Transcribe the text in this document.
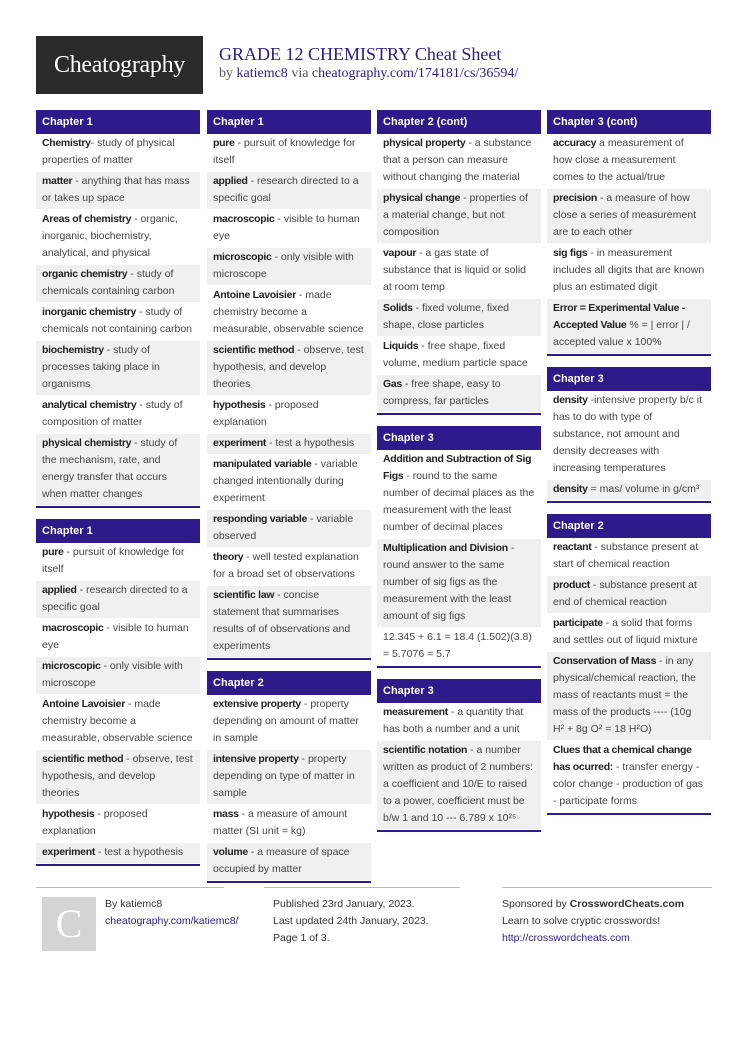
Cheatography	GRADE 12 CHEMISTRY Cheat Sheet
by katiemc8 via cheatography.com/174181/cs/36594/
Chapter 1
Chemistry- study of physical properties of matter
matter - anything that has mass or takes up space
Areas of chemistry - organic, inorganic, biochemistry, analytical, and physical
organic chemistry - study of chemicals containing carbon
inorganic chemistry - study of chemicals not containing carbon
biochemistry - study of processes taking place in organisms
analytical chemistry - study of composition of matter
physical chemistry - study of the mechanism, rate, and energy transfer that occurs when matter changes
Chapter 1
pure - pursuit of knowledge for itself
applied - research directed to a specific goal
macroscopic - visible to human eye
microscopic - only visible with microscope
Antoine Lavoisier - made chemistry become a measurable, observable science
scientific method - observe, test hypothesis, and develop theories
hypothesis - proposed explanation
experiment - test a hypothesis
Chapter 1
pure - pursuit of knowledge for itself
applied - research directed to a specific goal
macroscopic - visible to human eye
microscopic - only visible with microscope
Antoine Lavoisier - made chemistry become a measurable, observable science
scientific method - observe, test hypothesis, and develop theories
hypothesis - proposed explanation
experiment - test a hypothesis
manipulated variable - variable changed intentionally during experiment
responding variable - variable observed
theory - well tested explanation for a broad set of observations
scientific law - concise statement that summarises results of of observations and experiments
Chapter 2
extensive property - property depending on amount of matter in sample
intensive property - property depending on type of matter in sample
mass - a measure of amount matter (SI unit = kg)
volume - a measure of space occupied by matter
Chapter 2 (cont)
physical property - a substance that a person can measure without changing the material
physical change - properties of a material change, but not composition
vapour - a gas state of substance that is liquid or solid at room temp
Solids - fixed volume, fixed shape, close particles
Liquids - free shape, fixed volume, medium particle space
Gas - free shape, easy to compress, far particles
Chapter 3
Addition and Subtraction of Sig Figs - round to the same number of decimal places as the measurement with the least number of decimal places
Multiplication and Division - round answer to the same number of sig figs as the measurement with the least amount of sig figs
12.345 + 6.1 = 18.4 (1.502)(3.8) = 5.7076 = 5.7
Chapter 3
measurement - a quantity that has both a number and a unit
scientific notation - a number written as product of 2 numbers: a coefficient and 10/E to raised to a power, coefficient must be b/w 1 and 10 --- 6.789 x 10²⁵
Chapter 3 (cont)
accuracy a measurement of how close a measurement comes to the actual/true
precision - a measure of how close a series of measurement are to each other
sig figs - in measurement includes all digits that are known plus an estimated digit
Error = Experimental Value - Accepted Value % = | error | / accepted value x 100%
Chapter 3
density -intensive property b/c it has to do with type of substance, not amount and density decreases with increasing temperatures
density = mas/ volume in g/cm³
Chapter 2
reactant - substance present at start of chemical reaction
product - substance present at end of chemical reaction
participate - a solid that forms and settles out of liquid mixture
Conservation of Mass - in any physical/chemical reaction, the mass of reactants must = the mass of the products ---- (10g H² + 8g O² = 18 H²O)
Clues that a chemical change has ocurred: - transfer energy - color change - production of gas - participate forms
C	By katiemc8
cheatography.com/katiemc8/
Published 23rd January, 2023.
Last updated 24th January, 2023.
Page 1 of 3.
Sponsored by CrosswordCheats.com
Learn to solve cryptic crosswords!
http://crosswordcheats.com
